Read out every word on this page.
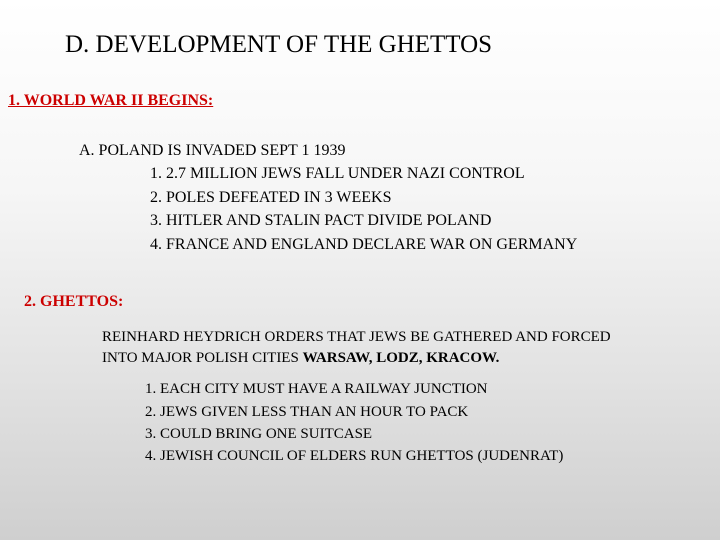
D. DEVELOPMENT OF THE GHETTOS
1. WORLD WAR II BEGINS:
A. POLAND IS INVADED SEPT 1 1939
1. 2.7 MILLION JEWS FALL UNDER NAZI CONTROL
2. POLES DEFEATED IN 3 WEEKS
3. HITLER AND STALIN PACT DIVIDE POLAND
4. FRANCE AND ENGLAND DECLARE WAR ON GERMANY
2. GHETTOS:
REINHARD HEYDRICH ORDERS THAT JEWS BE GATHERED AND FORCED
INTO MAJOR POLISH CITIES WARSAW, LODZ, KRACOW.
1. EACH CITY MUST HAVE A RAILWAY JUNCTION
2. JEWS GIVEN LESS THAN AN HOUR TO PACK
3. COULD BRING ONE SUITCASE
4. JEWISH COUNCIL OF ELDERS RUN GHETTOS (JUDENRAT)
